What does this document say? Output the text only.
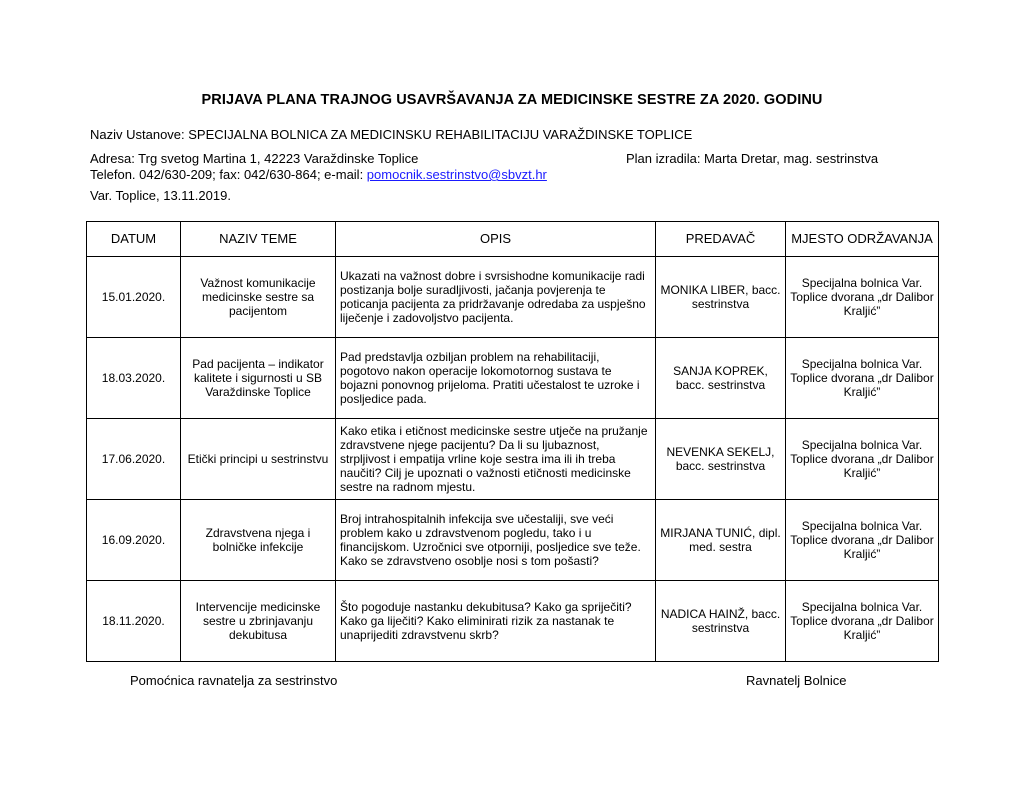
PRIJAVA PLANA TRAJNOG USAVRŠAVANJA ZA MEDICINSKE SESTRE ZA 2020. GODINU
Naziv Ustanove: SPECIJALNA BOLNICA ZA MEDICINSKU REHABILITACIJU VARAŽDINSKE TOPLICE
Adresa: Trg svetog Martina 1, 42223 Varaždinske Toplice	Plan izradila: Marta Dretar, mag. sestrinstva
Telefon. 042/630-209; fax: 042/630-864; e-mail: pomocnik.sestrinstvo@sbvzt.hr
Var. Toplice, 13.11.2019.
DATUM	NAZIV TEME	OPIS	PREDAVAČ	MJESTO ODRŽAVANJA
15.01.2020.	Važnost komunikacije medicinske sestre sa pacijentom	Ukazati na važnost dobre i svrsishodne komunikacije radi postizanja bolje suradljivosti, jačanja povjerenja te poticanja pacijenta za pridržavanje odredaba za uspješno liječenje i zadovoljstvo pacijenta.	MONIKA LIBER, bacc. sestrinstva	Specijalna bolnica Var. Toplice dvorana „dr Dalibor Kraljić”
18.03.2020.	Pad pacijenta – indikator kalitete i sigurnosti u SB Varaždinske Toplice	Pad predstavlja ozbiljan problem na rehabilitaciji, pogotovo nakon operacije lokomotornog sustava te bojazni ponovnog prijeloma. Pratiti učestalost te uzroke i posljedice pada.	SANJA KOPREK, bacc. sestrinstva	Specijalna bolnica Var. Toplice dvorana „dr Dalibor Kraljić”
17.06.2020.	Etički principi u sestrinstvu	Kako etika i etičnost medicinske sestre utječe na pružanje zdravstvene njege pacijentu? Da li su ljubaznost, strpljivost i empatija vrline koje sestra ima ili ih treba naučiti? Cilj je upoznati o važnosti etičnosti medicinske sestre na radnom mjestu.	NEVENKA SEKELJ, bacc. sestrinstva	Specijalna bolnica Var. Toplice dvorana „dr Dalibor Kraljić”
16.09.2020.	Zdravstvena njega i bolničke infekcije	Broj intrahospitalnih infekcija sve učestaliji, sve veći problem kako u zdravstvenom pogledu, tako i u financijskom. Uzročnici sve otporniji, posljedice sve teže. Kako se zdravstveno osoblje nosi s tom pošasti?	MIRJANA TUNIĆ, dipl. med. sestra	Specijalna bolnica Var. Toplice dvorana „dr Dalibor Kraljić”
18.11.2020.	Intervencije medicinske sestre u zbrinjavanju dekubitusa	Što pogoduje nastanku dekubitusa? Kako ga spriječiti? Kako ga liječiti? Kako eliminirati rizik za nastanak te unaprijediti zdravstvenu skrb?	NADICA HAINŽ, bacc. sestrinstva	Specijalna bolnica Var. Toplice dvorana „dr Dalibor Kraljić”
Pomoćnica ravnatelja za sestrinstvo	Ravnatelj Bolnice
